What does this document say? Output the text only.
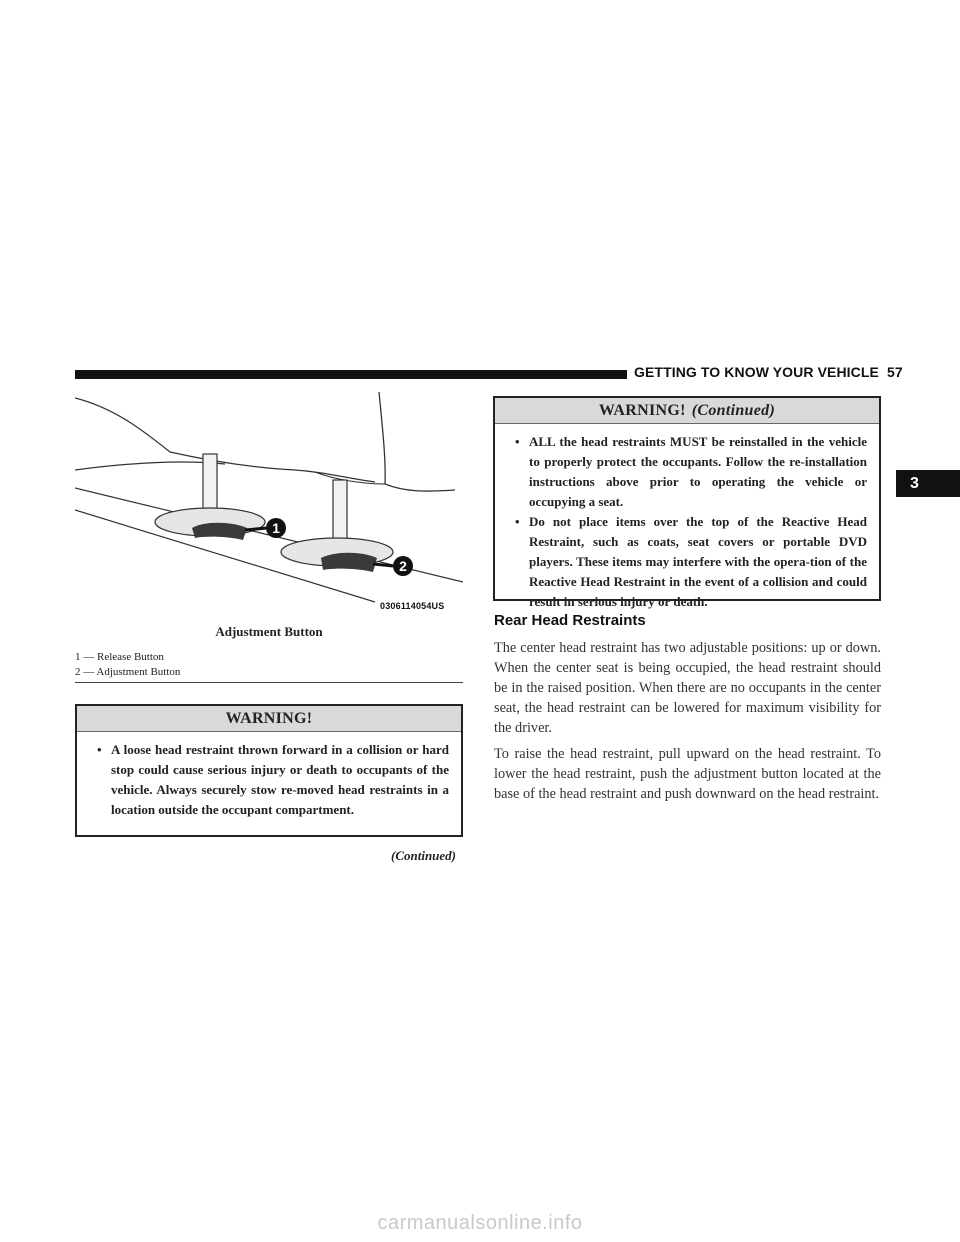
GETTING TO KNOW YOUR VEHICLE 57
3
1
2
0306114054US
Adjustment Button
1 — Release Button
2 — Adjustment Button
WARNING!
• A loose head restraint thrown forward in a collision or hard stop could cause serious injury or death to occupants of the vehicle. Always securely stow re-moved head restraints in a location outside the occupant compartment.
(Continued)
WARNING! (Continued)
• ALL the head restraints MUST be reinstalled in the vehicle to properly protect the occupants. Follow the re-installation instructions above prior to operating the vehicle or occupying a seat.
• Do not place items over the top of the Reactive Head Restraint, such as coats, seat covers or portable DVD players. These items may interfere with the opera-tion of the Reactive Head Restraint in the event of a collision and could result in serious injury or death.
Rear Head Restraints
The center head restraint has two adjustable positions: up or down. When the center seat is being occupied, the head restraint should be in the raised position. When there are no occupants in the center seat, the head restraint can be lowered for maximum visibility for the driver.
To raise the head restraint, pull upward on the head restraint. To lower the head restraint, push the adjustment button located at the base of the head restraint and push downward on the head restraint.
carmanualsonline.info
